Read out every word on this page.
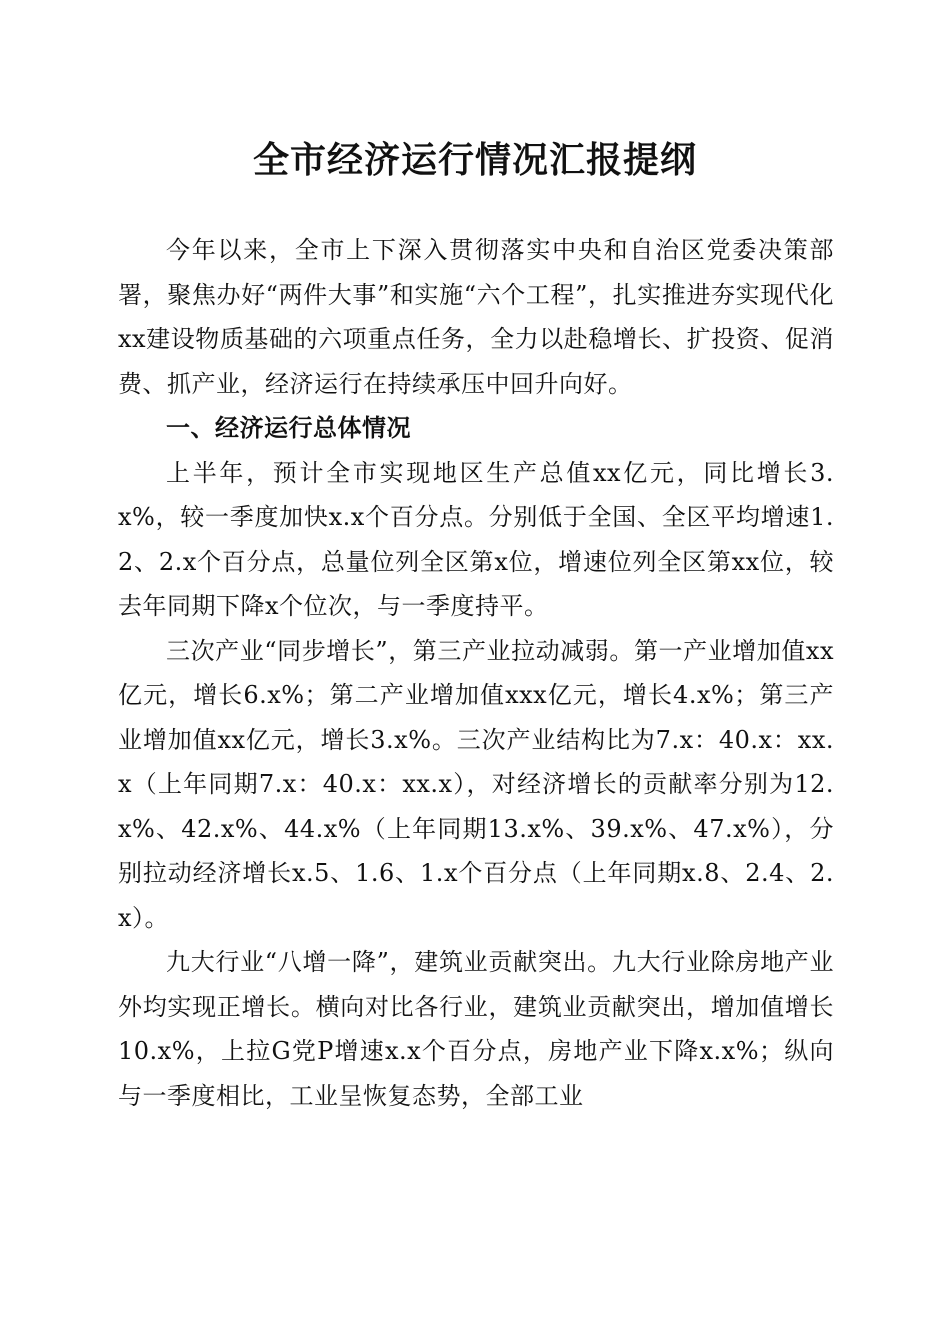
全市经济运行情况汇报提纲

今年以来，全市上下深入贯彻落实中央和自治区党委决策部署，聚焦办好“两件大事”和实施“六个工程”，扎实推进夯实现代化xx建设物质基础的六项重点任务，全力以赴稳增长、扩投资、促消费、抓产业，经济运行在持续承压中回升向好。

一、经济运行总体情况

上半年，预计全市实现地区生产总值xx亿元，同比增长3.x%，较一季度加快x.x个百分点。分别低于全国、全区平均增速1.2、2.x个百分点，总量位列全区第x位，增速位列全区第xx位，较去年同期下降x个位次，与一季度持平。

三次产业“同步增长”，第三产业拉动减弱。第一产业增加值xx亿元，增长6.x%；第二产业增加值xxx亿元，增长4.x%；第三产业增加值xx亿元，增长3.x%。三次产业结构比为7.x：40.x：xx.x（上年同期7.x：40.x：xx.x），对经济增长的贡献率分别为12.x%、42.x%、44.x%（上年同期13.x%、39.x%、47.x%），分别拉动经济增长x.5、1.6、1.x个百分点（上年同期x.8、2.4、2.x）。

九大行业“八增一降”，建筑业贡献突出。九大行业除房地产业外均实现正增长。横向对比各行业，建筑业贡献突出，增加值增长10.x%，上拉G党P增速x.x个百分点，房地产业下降x.x%；纵向与一季度相比，工业呈恢复态势，全部工业
